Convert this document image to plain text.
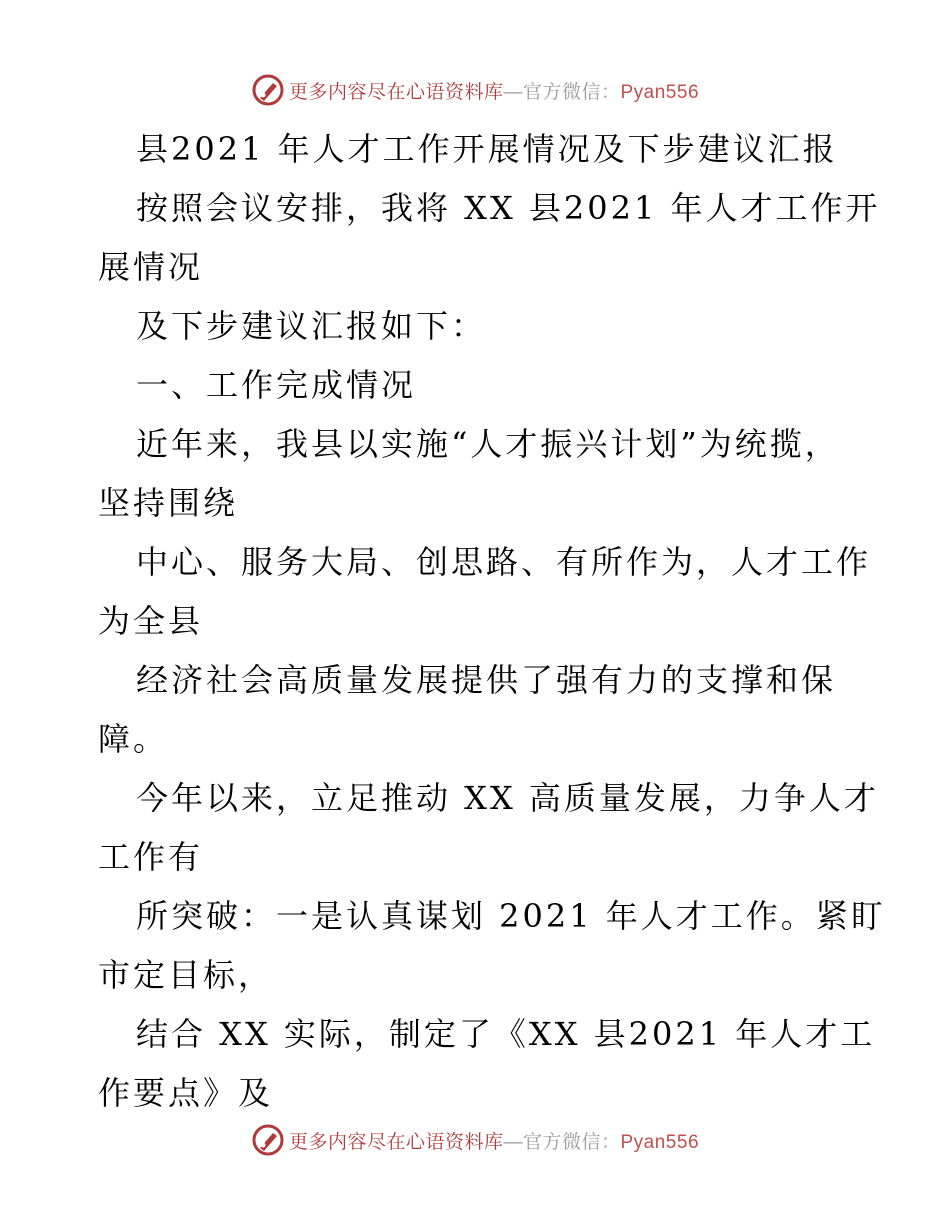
更多内容尽在心语资料库—官方微信：Pyan556
县2021 年人才工作开展情况及下步建议汇报
按照会议安排，我将 XX 县2021 年人才工作开
展情况
及下步建议汇报如下：
一、工作完成情况
近年来，我县以实施“人才振兴计划”为统揽，
坚持围绕
中心、服务大局、创思路、有所作为，人才工作
为全县
经济社会高质量发展提供了强有力的支撑和保
障。
今年以来，立足推动 XX 高质量发展，力争人才
工作有
所突破：一是认真谋划 2021 年人才工作。紧盯
市定目标，
结合 XX 实际，制定了《XX 县2021 年人才工
作要点》及
更多内容尽在心语资料库—官方微信：Pyan556
